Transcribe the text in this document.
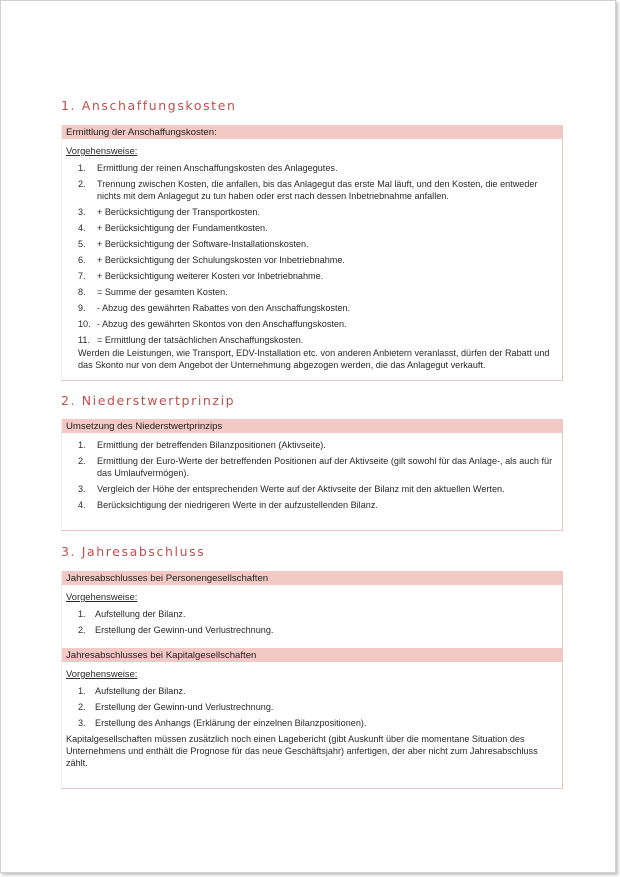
1. Anschaffungskosten
Ermittlung der Anschaffungskosten:
Vorgehensweise:
1. Ermittlung der reinen Anschaffungskosten des Anlagegutes.
2. Trennung zwischen Kosten, die anfallen, bis das Anlagegut das erste Mal läuft, und den Kosten, die entweder nichts mit dem Anlagegut zu tun haben oder erst nach dessen Inbetriebnahme anfallen.
3. + Berücksichtigung der Transportkosten.
4. + Berücksichtigung der Fundamentkosten.
5. + Berücksichtigung der Software-Installationskosten.
6. + Berücksichtigung der Schulungskosten vor Inbetriebnahme.
7. + Berücksichtigung weiterer Kosten vor Inbetriebnahme.
8. = Summe der gesamten Kosten.
9. - Abzug des gewährten Rabattes von den Anschaffungskosten.
10. - Abzug des gewährten Skontos von den Anschaffungskosten.
11. = Ermittlung der tatsächlichen Anschaffungskosten.
Werden die Leistungen, wie Transport, EDV-Installation etc. von anderen Anbietern veranlasst, dürfen der Rabatt und das Skonto nur von dem Angebot der Unternehmung abgezogen werden, die das Anlagegut verkauft.
2. Niederstwertprinzip
Umsetzung des Niederstwertprinzips
1. Ermittlung der betreffenden Bilanzpositionen (Aktivseite).
2. Ermittlung der Euro-Werte der betreffenden Positionen auf der Aktivseite (gilt sowohl für das Anlage-, als auch für das Umlaufvermögen).
3. Vergleich der Höhe der entsprechenden Werte auf der Aktivseite der Bilanz mit den aktuellen Werten.
4. Berücksichtigung der niedrigeren Werte in der aufzustellenden Bilanz.
3. Jahresabschluss
Jahresabschlusses bei Personengesellschaften
Vorgehensweise:
1. Aufstellung der Bilanz.
2. Erstellung der Gewinn-und Verlustrechnung.
Jahresabschlusses bei Kapitalgesellschaften
Vorgehensweise:
1. Aufstellung der Bilanz.
2. Erstellung der Gewinn-und Verlustrechnung.
3. Erstellung des Anhangs (Erklärung der einzelnen Bilanzpositionen).
Kapitalgesellschaften müssen zusätzlich noch einen Lagebericht (gibt Auskunft über die momentane Situation des Unternehmens und enthält die Prognose für das neue Geschäftsjahr) anfertigen, der aber nicht zum Jahresabschluss zählt.
